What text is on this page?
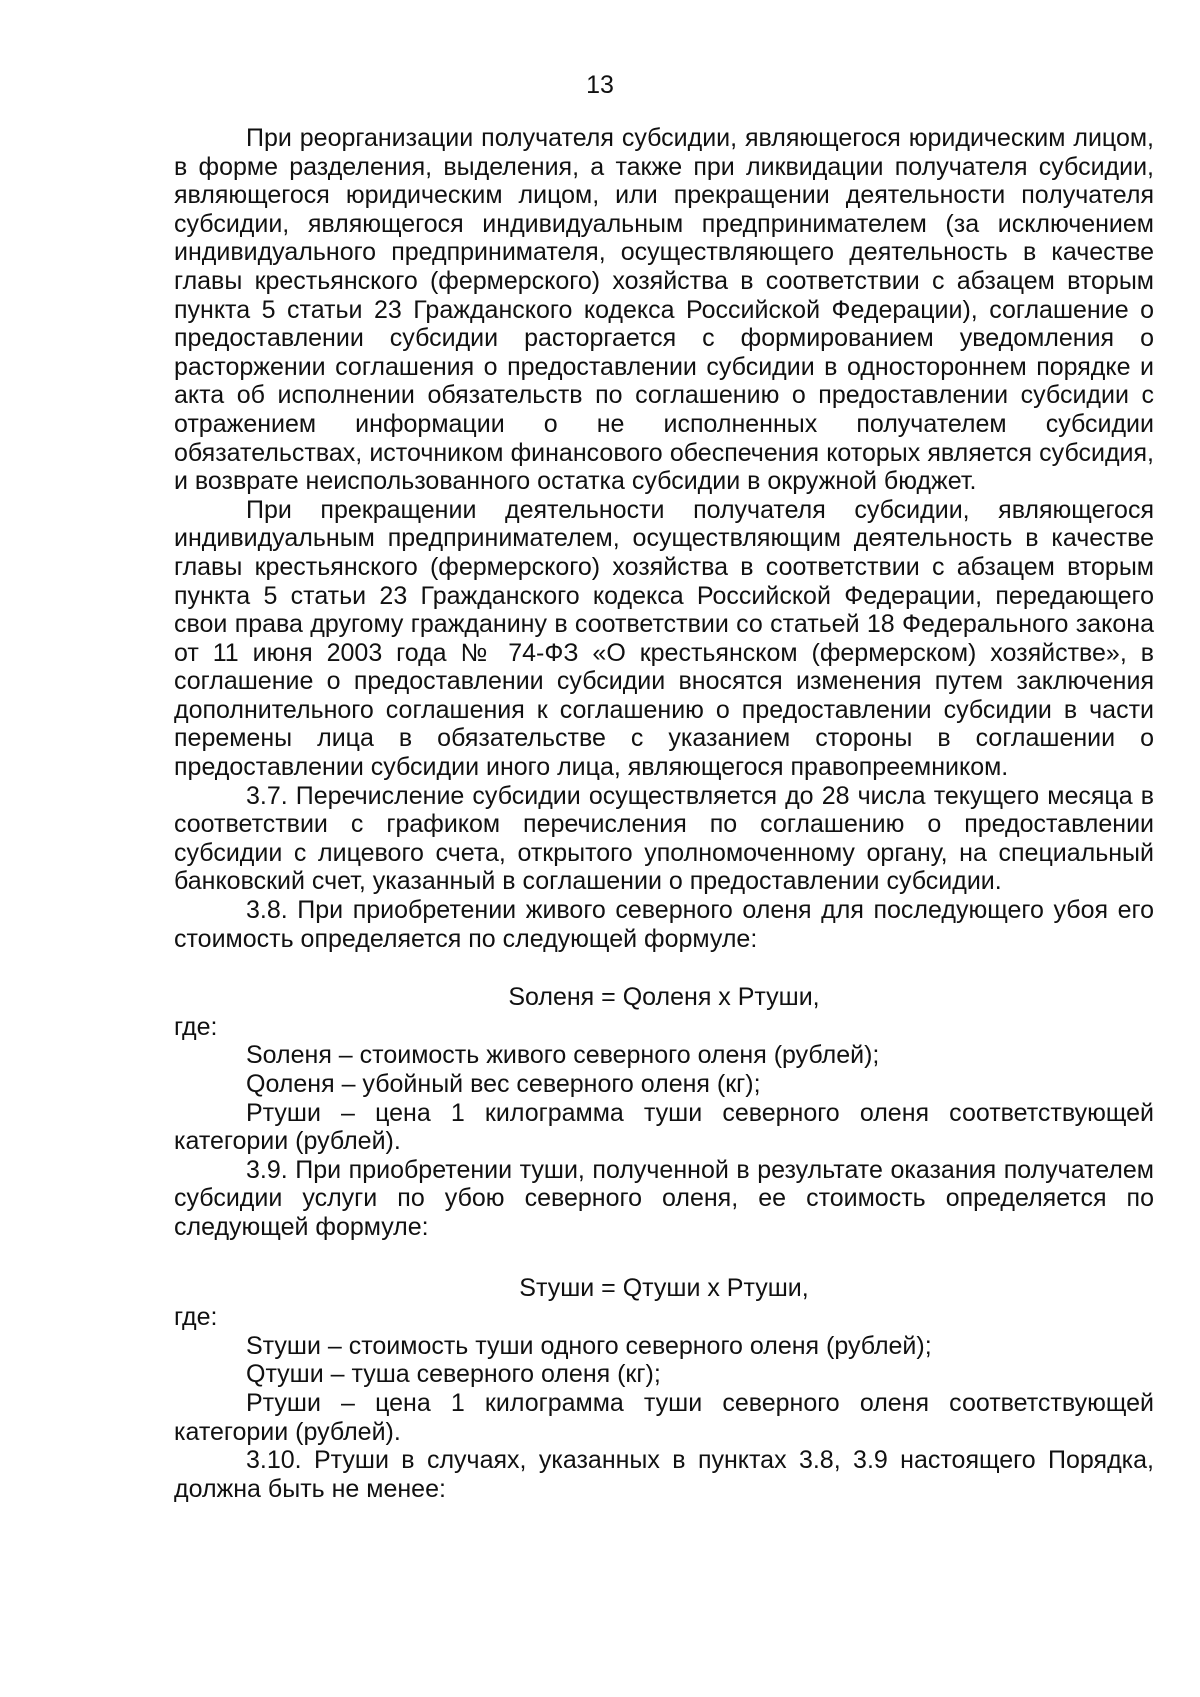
13

При реорганизации получателя субсидии, являющегося юридическим лицом, в форме разделения, выделения, а также при ликвидации получателя субсидии, являющегося юридическим лицом, или прекращении деятельности получателя субсидии, являющегося индивидуальным предпринимателем (за исключением индивидуального предпринимателя, осуществляющего деятельность в качестве главы крестьянского (фермерского) хозяйства в соответствии с абзацем вторым пункта 5 статьи 23 Гражданского кодекса Российской Федерации), соглашение о предоставлении субсидии расторгается с формированием уведомления о расторжении соглашения о предоставлении субсидии в одностороннем порядке и акта об исполнении обязательств по соглашению о предоставлении субсидии с отражением информации о не исполненных получателем субсидии обязательствах, источником финансового обеспечения которых является субсидия, и возврате неиспользованного остатка субсидии в окружной бюджет.

При прекращении деятельности получателя субсидии, являющегося индивидуальным предпринимателем, осуществляющим деятельность в качестве главы крестьянского (фермерского) хозяйства в соответствии с абзацем вторым пункта 5 статьи 23 Гражданского кодекса Российской Федерации, передающего свои права другому гражданину в соответствии со статьей 18 Федерального закона от 11 июня 2003 года № 74-ФЗ «О крестьянском (фермерском) хозяйстве», в соглашение о предоставлении субсидии вносятся изменения путем заключения дополнительного соглашения к соглашению о предоставлении субсидии в части перемены лица в обязательстве с указанием стороны в соглашении о предоставлении субсидии иного лица, являющегося правопреемником.

3.7. Перечисление субсидии осуществляется до 28 числа текущего месяца в соответствии с графиком перечисления по соглашению о предоставлении субсидии с лицевого счета, открытого уполномоченному органу, на специальный банковский счет, указанный в соглашении о предоставлении субсидии.

3.8. При приобретении живого северного оленя для последующего убоя его стоимость определяется по следующей формуле:

Sоленя = Qоленя х Ртуши,

где:

Sоленя – стоимость живого северного оленя (рублей);

Qоленя – убойный вес северного оленя (кг);

Ртуши – цена 1 килограмма туши северного оленя соответствующей категории (рублей).

3.9. При приобретении туши, полученной в результате оказания получателем субсидии услуги по убою северного оленя, ее стоимость определяется по следующей формуле:

Sтуши = Qтуши х Ртуши,

где:

Sтуши – стоимость туши одного северного оленя (рублей);

Qтуши – туша северного оленя (кг);

Ртуши – цена 1 килограмма туши северного оленя соответствующей категории (рублей).

3.10. Ртуши в случаях, указанных в пунктах 3.8, 3.9 настоящего Порядка, должна быть не менее:
